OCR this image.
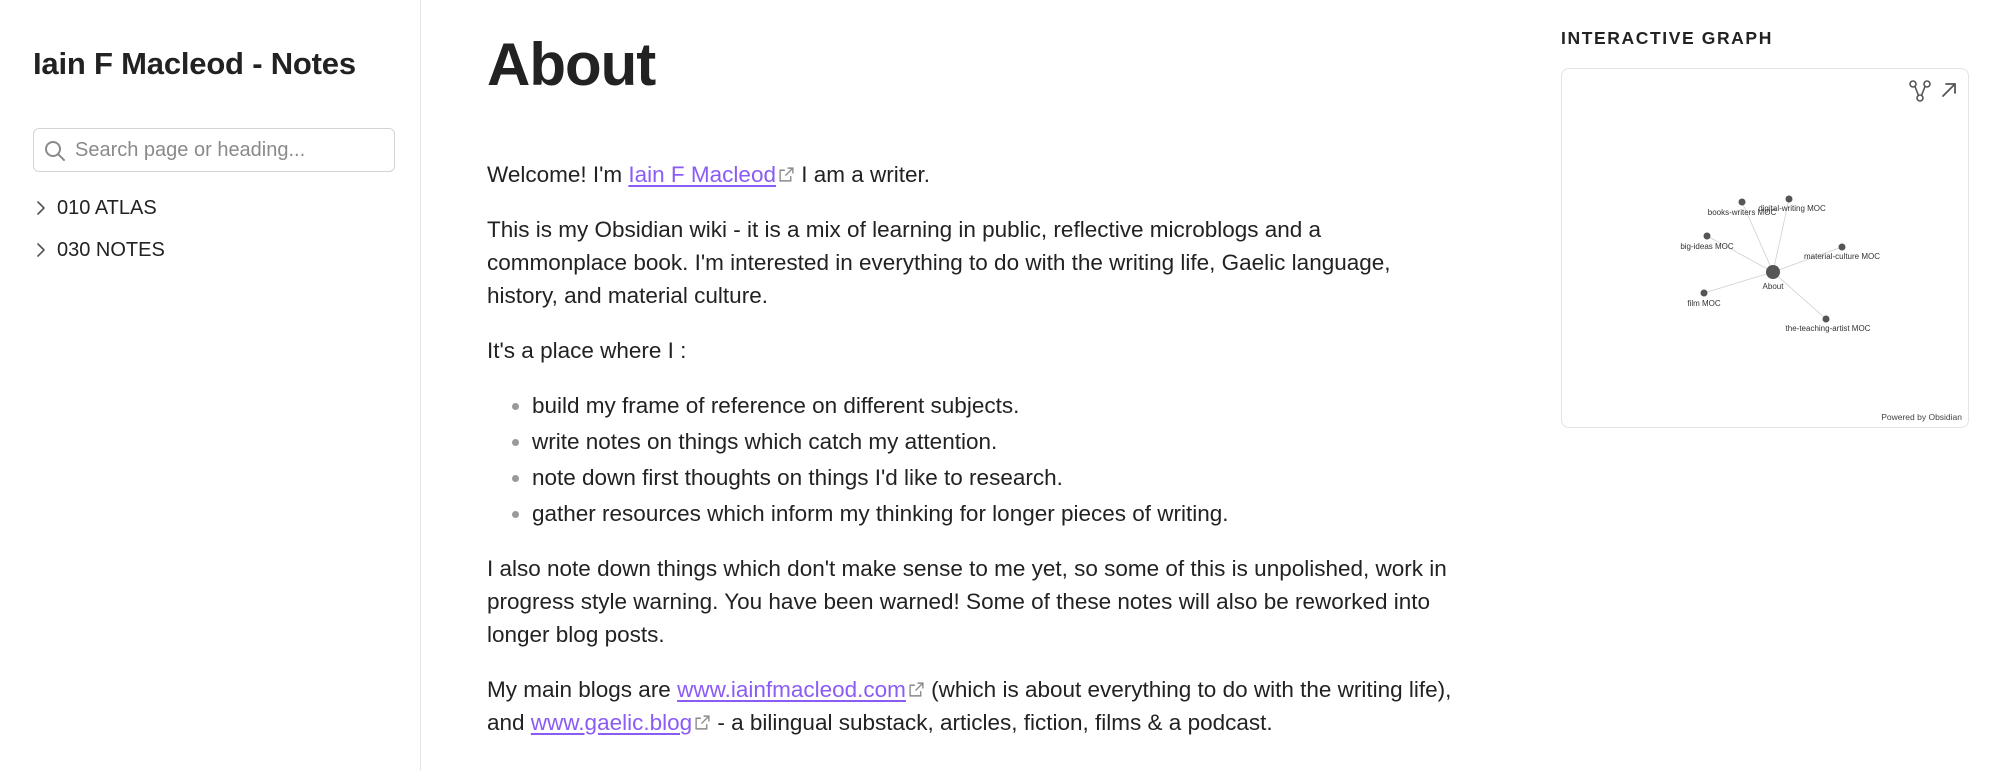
Iain F Macleod - Notes
Search page or heading...
010 ATLAS
030 NOTES
About

Welcome! I'm Iain F Macleod I am a writer.

This is my Obsidian wiki - it is a mix of learning in public, reflective microblogs and a commonplace book. I'm interested in everything to do with the writing life, Gaelic language, history, and material culture.

It's a place where I :

• build my frame of reference on different subjects.
• write notes on things which catch my attention.
• note down first thoughts on things I'd like to research.
• gather resources which inform my thinking for longer pieces of writing.

I also note down things which don't make sense to me yet, so some of this is unpolished, work in progress style warning. You have been warned! Some of these notes will also be reworked into longer blog posts.

My main blogs are www.iainfmacleod.com (which is about everything to do with the writing life), and www.gaelic.blog - a bilingual substack, articles, fiction, films & a podcast.

INTERACTIVE GRAPH
About
books-writers MOC
digital-writing MOC
big-ideas MOC
material-culture MOC
film MOC
the-teaching-artist MOC
Powered by Obsidian
